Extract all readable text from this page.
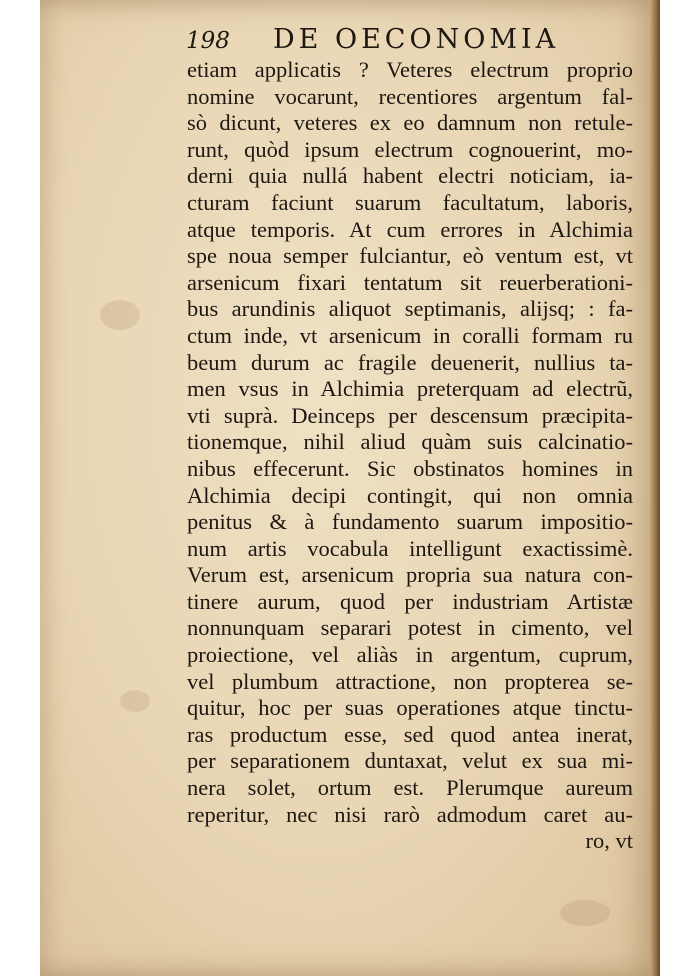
198 DE OECONOMIA
etiam applicatis ? Veteres electrum proprio
nomine vocarunt, recentiores argentum fal-
sò dicunt, veteres ex eo damnum non retule-
runt, quòd ipsum electrum cognouerint, mo-
derni quia nullá habent electri noticiam, ia-
cturam faciunt suarum facultatum, laboris,
atque temporis. At cum errores in Alchimia
spe noua semper fulciantur, eò ventum est, vt
arsenicum fixari tentatum sit reuerberationi-
bus arundinis aliquot septimanis, alijsq; : fa-
ctum inde, vt arsenicum in coralli formam ru
beum durum ac fragile deuenerit, nullius ta-
men vsus in Alchimia preterquam ad electrũ,
vti suprà. Deinceps per descensum præcipita-
tionemque, nihil aliud quàm suis calcinatio-
nibus effecerunt. Sic obstinatos homines in
Alchimia decipi contingit, qui non omnia
penitus & à fundamento suarum impositio-
num artis vocabula intelligunt exactissimè.
Verum est, arsenicum propria sua natura con-
tinere aurum, quod per industriam Artistæ
nonnunquam separari potest in cimento, vel
proiectione, vel aliàs in argentum, cuprum,
vel plumbum attractione, non propterea se-
quitur, hoc per suas operationes atque tinctu-
ras productum esse, sed quod antea inerat,
per separationem duntaxat, velut ex sua mi-
nera solet, ortum est. Plerumque aureum
reperitur, nec nisi rarò admodum caret au-
ro, vt
